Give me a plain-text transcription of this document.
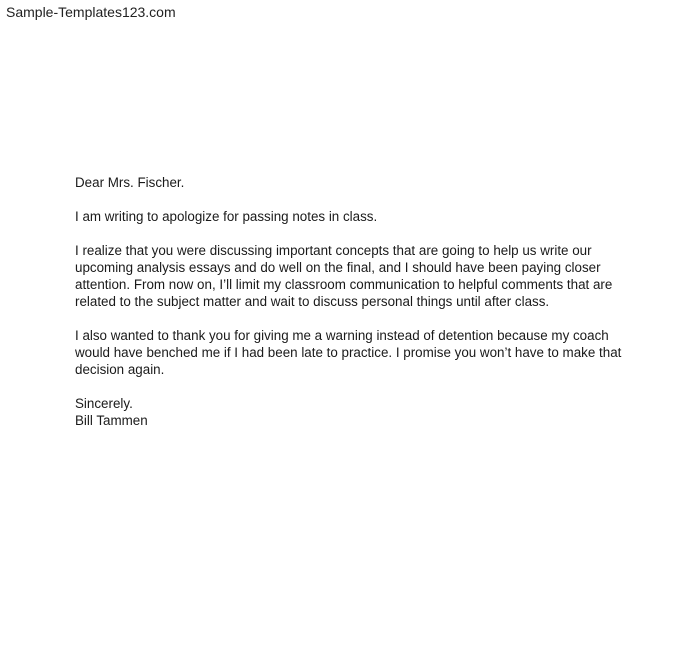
Sample-Templates123.com

Dear Mrs. Fischer.

I am writing to apologize for passing notes in class.

I realize that you were discussing important concepts that are going to help us write our
upcoming analysis essays and do well on the final, and I should have been paying closer
attention. From now on, I’ll limit my classroom communication to helpful comments that are
related to the subject matter and wait to discuss personal things until after class.

I also wanted to thank you for giving me a warning instead of detention because my coach
would have benched me if I had been late to practice. I promise you won’t have to make that
decision again.

Sincerely.
Bill Tammen
